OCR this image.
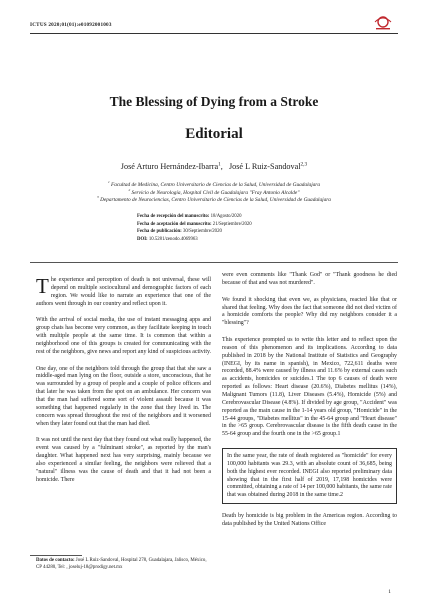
ICTUS 2020;01(01):e01092001003
The Blessing of Dying from a Stroke
Editorial
José Arturo Hernández-Ibarra$^1$,   José L Ruiz-Sandoval$^{2,3}$
$^1$ Facultad de Medicina, Centro Universitario de Ciencias de la Salud, Universidad de Guadalajara
$^2$ Servicio de Neurología, Hospital Civil de Guadalajara "Fray Antonio Alcalde"
$^3$ Departamento de Neurociencias, Centro Universitario de Ciencias de la Salud, Universidad de Guadalajara
Fecha de recepción del manuscrito: 18/Agosto/2020
Fecha de aceptación del manuscrito: 21/Septiembre/2020
Fecha de publicación: 30/Septiembre/2020
DOI: 10.5281/zenodo.4069963

The experience and perception of death is not universal, these will depend on multiple sociocultural and demographic factors of each region. We would like to narrate an experience that one of the authors went through in our country and reflect upon it.

With the arrival of social media, the use of instant messaging apps and group chats has become very common, as they facilitate keeping in touch with multiple people at the same time. It is common that within a neighborhood one of this groups is created for communicating with the rest of the neighbors, give news and report any kind of suspicious activity.

One day, one of the neighbors told through the group that that she saw a middle-aged man lying on the floor, outside a store, unconscious, that he was surrounded by a group of people and a couple of police officers and that later he was taken from the spot on an ambulance. Her concern was that the man had suffered some sort of violent assault because it was something that happened regularly in the zone that they lived in. The concern was spread throughout the rest of the neighbors and it worsened when they later found out that the man had died.

It was not until the next day that they found out what really happened, the event was caused by a "fulminant stroke", as reported by the man's daughter. What happened next has very surprising, mainly because we also experienced a similar feeling, the neighbors were relieved that a "natural" illness was the cause of death and that it had not been a homicide. There

were even comments like "Thank God" or "Thank goodness he died because of that and was not murdered".

We found it shocking that even we, as physicians, reacted like that or shared that feeling. Why does the fact that someone did not died victim of a homicide comforts the people? Why did my neighbors consider it a "blessing"?

This experience prompted us to write this letter and to reflect upon the reason of this phenomenon and its implications. According to data published in 2018 by the National Institute of Statistics and Geography (INEGI, by its name in spanish), in Mexico, 722,611 deaths were recorded, 88.4% were caused by illness and 11.6% by external cases such as accidents, homicides or suicides.1 The top 6 causes of death were reported as follows: Heart disease (20.6%), Diabetes mellitus (14%), Malignant Tumors (11.8), Liver Diseases (5.4%), Homicide (5%) and Cerebrovascular Disease (4.8%). If divided by age group, "Accident" was reported as the main cause in the 1-14 years old group, "Homicide" in the 15-44 groups, "Diabetes mellitus" in the 45-64 group and "Heart disease" in the >65 group. Cerebrovascular disease is the fifth death cause in the 55-64 group and the fourth one in the >65 group.1

In the same year, the rate of death registered as "homicide" for every 100,000 habitants was 29.3, with an absolute count of 36,685, being both the highest ever recorded. INEGI also reported preliminary data showing that in the first half of 2019, 17,198 homicides were committed, obtaining a rate of 14 per 100,000 habitants, the same rate that was obtained during 2018 in the same time.2

Death by homicide is big problem in the Americas region. According to data published by the United Nations Office

Datos de contacto: José L Ruiz-Sandoval, Hospital 278, Guadalajara, Jalisco, México, CP 44280, Tel: , joseluj-18@prodigy.net.mx
1
